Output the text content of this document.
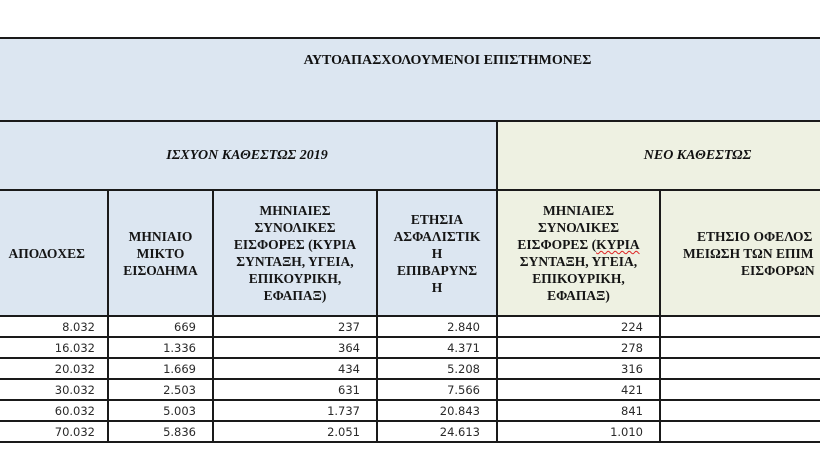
ΑΥΤΟΑΠΑΣΧΟΛΟΥΜΕΝΟΙ ΕΠΙΣΤΗΜΟΝΕΣ					
ΙΣΧΥΟΝ ΚΑΘΕΣΤΩΣ 2019				ΝΕΟ ΚΑΘΕΣΤΩΣ	

ΑΠΟΔΟΧΕΣ

ΜΗΝΙΑΙΟ
ΜΙΚΤΟ
ΕΙΣΟΔΗΜΑ

ΜΗΝΙΑΙΕΣ
ΣΥΝΟΛΙΚΕΣ
ΕΙΣΦΟΡΕΣ (ΚΥΡΙΑ
ΣΥΝΤΑΞΗ, ΥΓΕΙΑ,
ΕΠΙΚΟΥΡΙΚΗ,
ΕΦΑΠΑΞ)

ΕΤΗΣΙΑ
ΑΣΦΑΛΙΣΤΙΚ
Η
ΕΠΙΒΑΡΥΝΣ
Η

ΜΗΝΙΑΙΕΣ
ΣΥΝΟΛΙΚΕΣ
ΕΙΣΦΟΡΕΣ (ΚΥΡΙΑ
ΣΥΝΤΑΞΗ, ΥΓΕΙΑ,
ΕΠΙΚΟΥΡΙΚΗ,
ΕΦΑΠΑΞ)

ΕΤΗΣΙΟ ΟΦΕΛΟΣ
ΜΕΙΩΣΗ ΤΩΝ ΕΠΙΜ
ΕΙΣΦΟΡΩΝ

8.032	669	237	2.840	224	
16.032	1.336	364	4.371	278	
20.032	1.669	434	5.208	316	
30.032	2.503	631	7.566	421	
60.032	5.003	1.737	20.843	841	
70.032	5.836	2.051	24.613	1.010	
